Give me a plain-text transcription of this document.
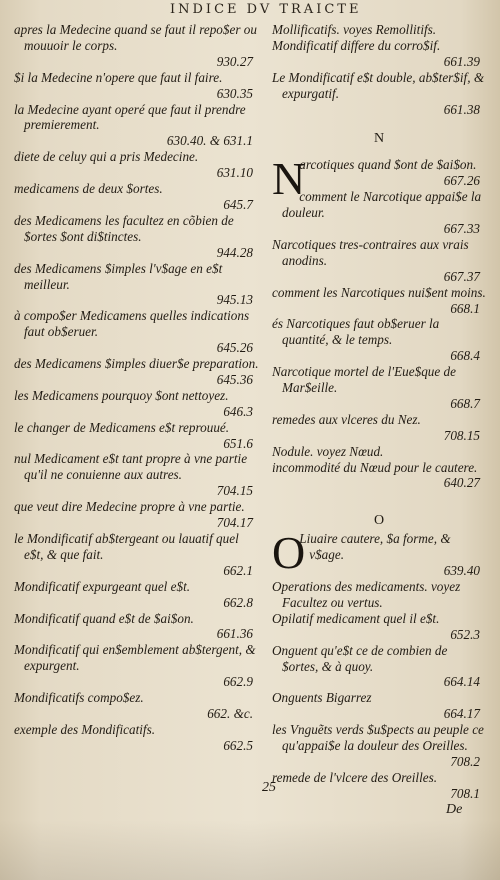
INDICE DV TRAICTE
apres la Medecine quand se faut il repo$er ou mouuoir le corps.
930.27
$i la Medecine n'opere que faut il faire.
630.35
la Medecine ayant operé que faut il prendre premierement.
630.40. & 631.1
diete de celuy qui a pris Medecine.
631.10
medicamens de deux $ortes.
645.7
des Medicamens les facultez en cõbien de $ortes $ont di$tinctes.
944.28
des Medicamens $imples l'v$age en e$t meilleur.
945.13
à compo$er Medicamens quelles indications faut ob$eruer.
645.26
des Medicamens $imples diuer$e preparation.
645.36
les Medicamens pourquoy $ont nettoyez.
646.3
le changer de Medicamens e$t reprouué.
651.6
nul Medicament e$t tant propre à vne partie qu'il ne conuienne aux autres.
704.15
que veut dire Medecine propre à vne partie.
704.17
le Mondificatif ab$tergeant ou lauatif quel e$t, & que fait.
662.1
Mondificatif expurgeant quel e$t.
662.8
Mondificatif quand e$t de $ai$on.
661.36
Mondificatif qui en$emblement ab$tergent, & expurgent.
662.9
Mondificatifs compo$ez.
662. &c.
exemple des Mondificatifs.
662.5
Mollificatifs. voyes Remollitifs.
Mondificatif differe du corro$if.
661.39
Le Mondificatif e$t double, ab$ter$if, & expurgatif.
661.38
N
N
arcotiques quand $ont de $ai$on.
667.26
comment le Narcotique appai$e la douleur.
667.33
Narcotiques tres-contraires aux vrais anodins.
667.37
comment les Narcotiques nui$ent moins.
668.1
és Narcotiques faut ob$eruer la quantité, & le temps.
668.4
Narcotique mortel de l'Eue$que de Mar$eille.
668.7
remedes aux vlceres du Nez.
708.15
Nodule. voyez Nœud.
incommodité du Nœud pour le cautere.
640.27
O
O
Liuaire cautere, $a forme, & v$age.
639.40
Operations des medicaments. voyez Facultez ou vertus.
Opilatif medicament quel il e$t.
652.3
Onguent qu'e$t ce de combien de $ortes, & à quoy.
664.14
Onguents Bigarrez
664.17
les Vnguẽts verds $u$pects au peuple ce qu'appai$e la douleur des Oreilles.
708.2
remede de l'vlcere des Oreilles.
708.1
25
De
